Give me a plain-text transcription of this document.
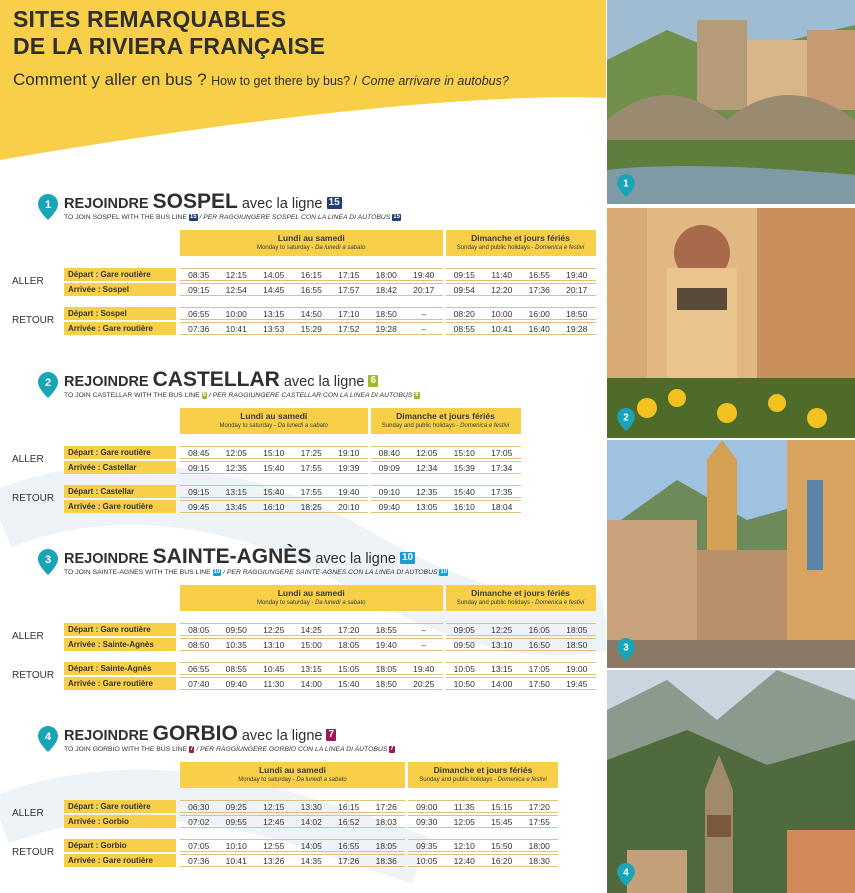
SITES REMARQUABLES
DE LA RIVIERA FRANÇAISE
Comment y aller en bus ? How to get there by bus? / Come arrivare in autobus?
1 REJOINDRE SOSPEL avec la ligne 15
TO JOIN SOSPEL WITH THE BUS LINE 15 / PER RAGGIUNGERE SOSPEL CON LA LINEA DI AUTOBUS 15
Lundi au samedi
Monday to saturday - Da lunedì a sabato
Dimanche et jours fériés
Sunday and public holidays - Domenica e festivi
ALLER
RETOUR
Départ : Gare routière	08:35	12:15	14:05	16:15	17:15	18:00	19:40	09:15	11:40	16:55	19:40
Arrivée : Sospel	09:15	12:54	14:45	16:55	17:57	18:42	20:17	09:54	12:20	17:36	20:17
Départ : Sospel	06:55	10:00	13:15	14:50	17:10	18:50	–	08:20	10:00	16:00	18:50
Arrivée : Gare routière	07:36	10:41	13:53	15:29	17:52	19:28	–	08:55	10:41	16:40	19:28
2 REJOINDRE CASTELLAR avec la ligne 6
TO JOIN CASTELLAR WITH THE BUS LINE 6 / PER RAGGIUNGERE CASTELLAR CON LA LINEA DI AUTOBUS 6
Lundi au samedi
Monday to saturday - Da lunedì a sabato
Dimanche et jours fériés
Sunday and public holidays - Domenica e festivi
ALLER
RETOUR
Départ : Gare routière	08:45	12:05	15:10	17:25	19:10	08:40	12:05	15:10	17:05
Arrivée : Castellar	09:15	12:35	15:40	17:55	19:39	09:09	12:34	15:39	17:34
Départ : Castellar	09:15	13:15	15:40	17:55	19:40	09:10	12:35	15:40	17:35
Arrivée : Gare routière	09:45	13:45	16:10	18:25	20:10	09:40	13:05	16:10	18:04
3 REJOINDRE SAINTE-AGNÈS avec la ligne 10
TO JOIN SAINTE-AGNES WITH THE BUS LINE 10 / PER RAGGIUNGERE SAINTE-AGNES CON LA LINEA DI AUTOBUS 10
Lundi au samedi
Monday to saturday - Da lunedì a sabato
Dimanche et jours fériés
Sunday and public holidays - Domenica e festivi
ALLER
RETOUR
Départ : Gare routière	08:05	09:50	12:25	14:25	17:20	18:55	–	09:05	12:25	16:05	18:05
Arrivée : Sainte-Agnès	08:50	10:35	13:10	15:00	18:05	19:40	–	09:50	13:10	16:50	18:50
Départ : Sainte-Agnès	06:55	08:55	10:45	13:15	15:05	18:05	19:40	10:05	13:15	17:05	19:00
Arrivée : Gare routière	07:40	09:40	11:30	14:00	15:40	18:50	20:25	10:50	14:00	17:50	19:45
4 REJOINDRE GORBIO avec la ligne 7
TO JOIN GORBIO WITH THE BUS LINE 7 / PER RAGGIUNGERE GORBIO CON LA LINEA DI AUTOBUS 7
Lundi au samedi
Monday to saturday - Da lunedì a sabato
Dimanche et jours fériés
Sunday and public holidays - Domenica e festivi
ALLER
RETOUR
Départ : Gare routière	06:30	09:25	12:15	13:30	16:15	17:26	09:00	11:35	15:15	17:20
Arrivée : Gorbio	07:02	09:55	12:45	14:02	16:52	18:03	09:30	12:05	15:45	17:55
Départ : Gorbio	07:05	10:10	12:55	14:05	16:55	18:05	09:35	12:10	15:50	18:00
Arrivée : Gare routière	07:36	10:41	13:26	14:35	17:26	18:36	10:05	12:40	16:20	18:30
1
2
3
4
